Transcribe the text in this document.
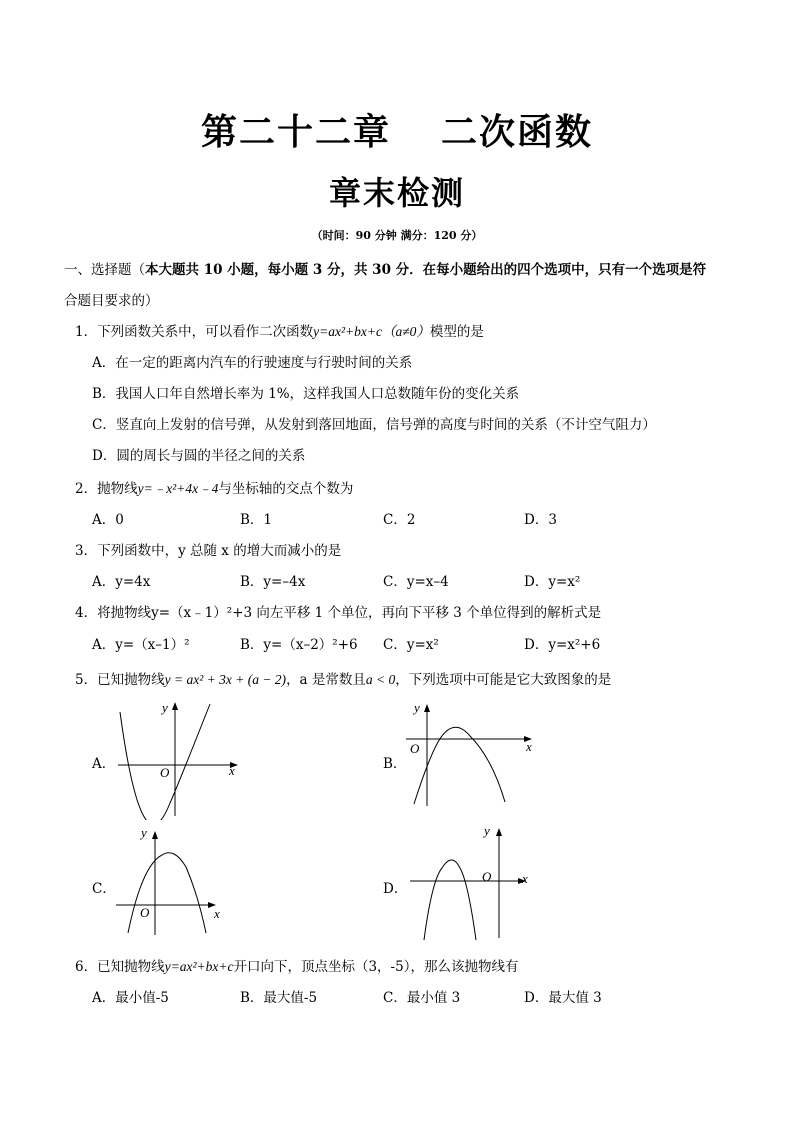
第二十二章 二次函数
章末检测
（时间：90 分钟 满分：120 分）
一、选择题（本大题共 10 小题，每小题 3 分，共 30 分．在每小题给出的四个选项中，只有一个选项是符
合题目要求的）
1．下列函数关系中，可以看作二次函数y=ax²+bx+c（a≠0）模型的是
A．在一定的距离内汽车的行驶速度与行驶时间的关系
B．我国人口年自然增长率为 1%，这样我国人口总数随年份的变化关系
C．竖直向上发射的信号弹，从发射到落回地面，信号弹的高度与时间的关系（不计空气阻力）
D．圆的周长与圆的半径之间的关系
2．抛物线y=﹣x²+4x﹣4与坐标轴的交点个数为
A．0	B．1	C．2	D．3
3．下列函数中，y 总随 x 的增大而减小的是
A．y=4x	B．y=–4x	C．y=x–4	D．y=x²
4．将抛物线y=（x﹣1）²+3 向左平移 1 个单位，再向下平移 3 个单位得到的解析式是
A．y=（x–1）²	B．y=（x–2）²+6 C．y=x²	D．y=x²+6
5．已知抛物线y = ax² + 3x + (a − 2)，a 是常数且a < 0，下列选项中可能是它大致图象的是
A．	x
y
O
B．
x
y
O
C．
x
y
O
D．
x
y
O
6．已知抛物线y=ax²+bx+c开口向下，顶点坐标（3，-5），那么该抛物线有
A．最小值-5	B．最大值-5	C．最小值 3	D．最大值 3
